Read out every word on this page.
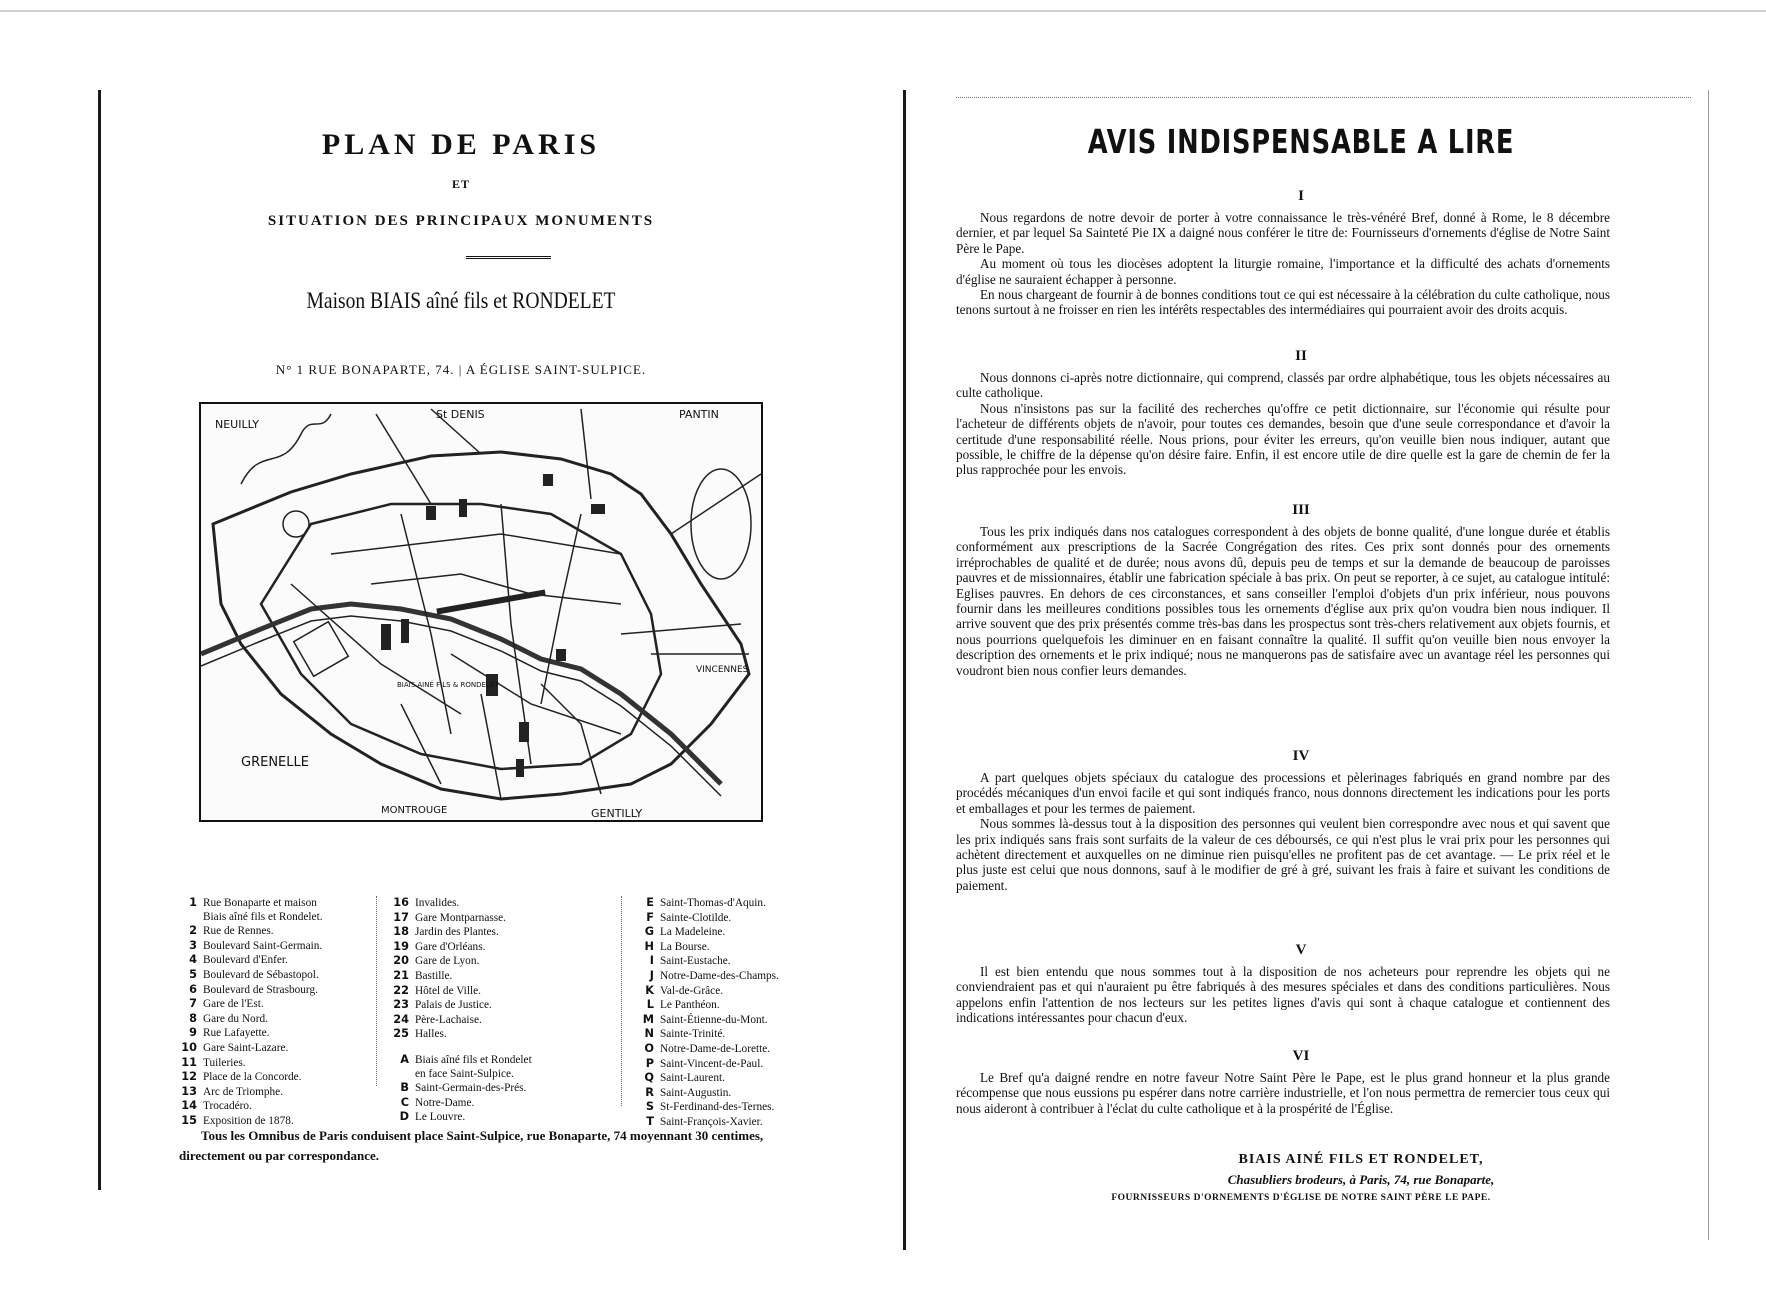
PLAN DE PARIS
ET
SITUATION DES PRINCIPAUX MONUMENTS
Maison BIAIS aîné fils et RONDELET
N° 1 RUE BONAPARTE, 74. | A ÉGLISE SAINT-SULPICE.
NEUILLY
St DENIS	PANTIN
VINCENNES
GRENELLE
MONTROUGE	GENTILLY
BIAIS AINÉ FILS & RONDELET
1 Rue Bonaparte et maison
Biais aîné fils et Rondelet.
2 Rue de Rennes.
3 Boulevard Saint-Germain.
4 Boulevard d'Enfer.
5 Boulevard de Sébastopol.
6 Boulevard de Strasbourg.
7 Gare de l'Est.
8 Gare du Nord.
9 Rue Lafayette.
10 Gare Saint-Lazare.
11 Tuileries.
12 Place de la Concorde.
13 Arc de Triomphe.
14 Trocadéro.
15 Exposition de 1878.
16 Invalides.
17 Gare Montparnasse.
18 Jardin des Plantes.
19 Gare d'Orléans.
20 Gare de Lyon.
21 Bastille.
22 Hôtel de Ville.
23 Palais de Justice.
24 Père-Lachaise.
25 Halles.
A Biais aîné fils et Rondelet
en face Saint-Sulpice.
B Saint-Germain-des-Prés.
C Notre-Dame.
D Le Louvre.
E Saint-Thomas-d'Aquin.
F Sainte-Clotilde.
G La Madeleine.
H La Bourse.
I Saint-Eustache.
J Notre-Dame-des-Champs.
K Val-de-Grâce.
L Le Panthéon.
M Saint-Étienne-du-Mont.
N Sainte-Trinité.
O Notre-Dame-de-Lorette.
P Saint-Vincent-de-Paul.
Q Saint-Laurent.
R Saint-Augustin.
S St-Ferdinand-des-Ternes.
T Saint-François-Xavier.
Tous les Omnibus de Paris conduisent place Saint-Sulpice, rue Bonaparte, 74 moyennant 30 centimes, directement ou par correspondance.
AVIS INDISPENSABLE A LIRE
I

Nous regardons de notre devoir de porter à votre connaissance le très-vénéré Bref, donné à Rome, le 8 décembre dernier, et par lequel Sa Sainteté Pie IX a daigné nous conférer le titre de: Fournisseurs d'ornements d'église de Notre Saint Père le Pape.

Au moment où tous les diocèses adoptent la liturgie romaine, l'importance et la difficulté des achats d'ornements d'église ne sauraient échapper à personne.

En nous chargeant de fournir à de bonnes conditions tout ce qui est nécessaire à la célébration du culte catholique, nous tenons surtout à ne froisser en rien les intérêts respectables des intermédiaires qui pourraient avoir des droits acquis.

II

Nous donnons ci-après notre dictionnaire, qui comprend, classés par ordre alphabétique, tous les objets nécessaires au culte catholique.

Nous n'insistons pas sur la facilité des recherches qu'offre ce petit dictionnaire, sur l'économie qui résulte pour l'acheteur de différents objets de n'avoir, pour toutes ces demandes, besoin que d'une seule correspondance et d'avoir la certitude d'une responsabilité réelle. Nous prions, pour éviter les erreurs, qu'on veuille bien nous indiquer, autant que possible, le chiffre de la dépense qu'on désire faire. Enfin, il est encore utile de dire quelle est la gare de chemin de fer la plus rapprochée pour les envois.

III

Tous les prix indiqués dans nos catalogues correspondent à des objets de bonne qualité, d'une longue durée et établis conformément aux prescriptions de la Sacrée Congrégation des rites. Ces prix sont donnés pour des ornements irréprochables de qualité et de durée; nous avons dû, depuis peu de temps et sur la demande de beaucoup de paroisses pauvres et de missionnaires, établir une fabrication spéciale à bas prix. On peut se reporter, à ce sujet, au catalogue intitulé: Eglises pauvres. En dehors de ces circonstances, et sans conseiller l'emploi d'objets d'un prix inférieur, nous pouvons fournir dans les meilleures conditions possibles tous les ornements d'église aux prix qu'on voudra bien nous indiquer. Il arrive souvent que des prix présentés comme très-bas dans les prospectus sont très-chers relativement aux objets fournis, et nous pourrions quelquefois les diminuer en en faisant connaître la qualité. Il suffit qu'on veuille bien nous envoyer la description des ornements et le prix indiqué; nous ne manquerons pas de satisfaire avec un avantage réel les personnes qui voudront bien nous confier leurs demandes.

IV

A part quelques objets spéciaux du catalogue des processions et pèlerinages fabriqués en grand nombre par des procédés mécaniques d'un envoi facile et qui sont indiqués franco, nous donnons directement les indications pour les ports et emballages et pour les termes de paiement.

Nous sommes là-dessus tout à la disposition des personnes qui veulent bien correspondre avec nous et qui savent que les prix indiqués sans frais sont surfaits de la valeur de ces déboursés, ce qui n'est plus le vrai prix pour les personnes qui achètent directement et auxquelles on ne diminue rien puisqu'elles ne profitent pas de cet avantage. — Le prix réel et le plus juste est celui que nous donnons, sauf à le modifier de gré à gré, suivant les frais à faire et suivant les conditions de paiement.

V

Il est bien entendu que nous sommes tout à la disposition de nos acheteurs pour reprendre les objets qui ne conviendraient pas et qui n'auraient pu être fabriqués à des mesures spéciales et dans des conditions particulières. Nous appelons enfin l'attention de nos lecteurs sur les petites lignes d'avis qui sont à chaque catalogue et contiennent des indications intéressantes pour chacun d'eux.

VI

Le Bref qu'a daigné rendre en notre faveur Notre Saint Père le Pape, est le plus grand honneur et la plus grande récompense que nous eussions pu espérer dans notre carrière industrielle, et l'on nous permettra de remercier tous ceux qui nous aideront à contribuer à l'éclat du culte catholique et à la prospérité de l'Église.

BIAIS AINÉ FILS ET RONDELET,
Chasubliers brodeurs, à Paris, 74, rue Bonaparte,
FOURNISSEURS D'ORNEMENTS D'ÉGLISE DE NOTRE SAINT PÈRE LE PAPE.
